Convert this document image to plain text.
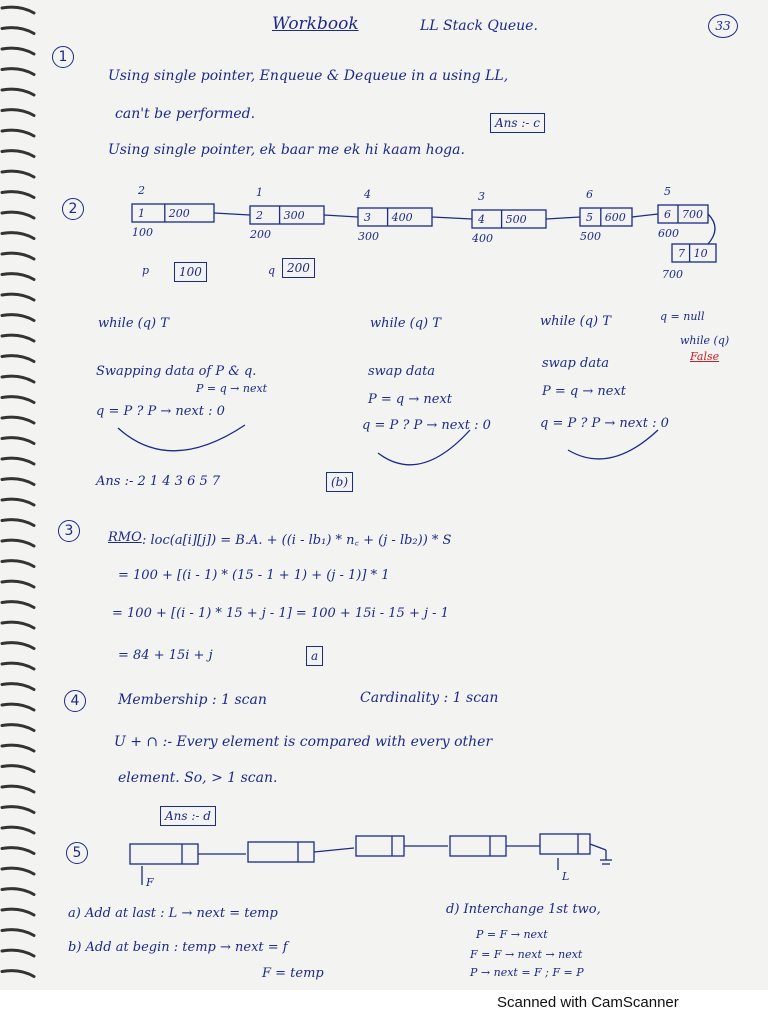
Workbook	LL Stack Queue.	33
1
Using single pointer, Enqueue & Dequeue in a using LL,
can't be performed.
Ans :- c
Using single pointer, ek baar me ek hi kaam hoga.
2	1 200
2
100
2 300
1
200
3 400
4
300
4 500
3
400
5 600
6
500
6 700
5
600
7 10
700
q = null
p	100	q 200
while (q) T
Swapping data of P & q.
P = q → next
q = P ? P → next : 0
while (q) T
swap data
P = q → next
q = P ? P → next : 0
while (q) T
swap data
P = q → next
q = P ? P → next : 0
while (q)
False
Ans :- 2 1 4 3 6 5 7	(b)
3	RMO : loc(a[i][j]) = B.A. + ((i - lb₁) * n꜀ + (j - lb₂)) * S
= 100 + [(i - 1) * (15 - 1 + 1) + (j - 1)] * 1
= 100 + [(i - 1) * 15 + j - 1] = 100 + 15i - 15 + j - 1
= 84 + 15i + j	a
4	Membership : 1 scan	Cardinality : 1 scan
U + ∩ :- Every element is compared with every other
element. So, > 1 scan.
Ans :- d
5
F	L
a) Add at last : L → next = temp
b) Add at begin : temp → next = f
F = temp
d) Interchange 1st two,
P = F → next
F = F → next → next
P → next = F ; F = P
Scanned with CamScanner
